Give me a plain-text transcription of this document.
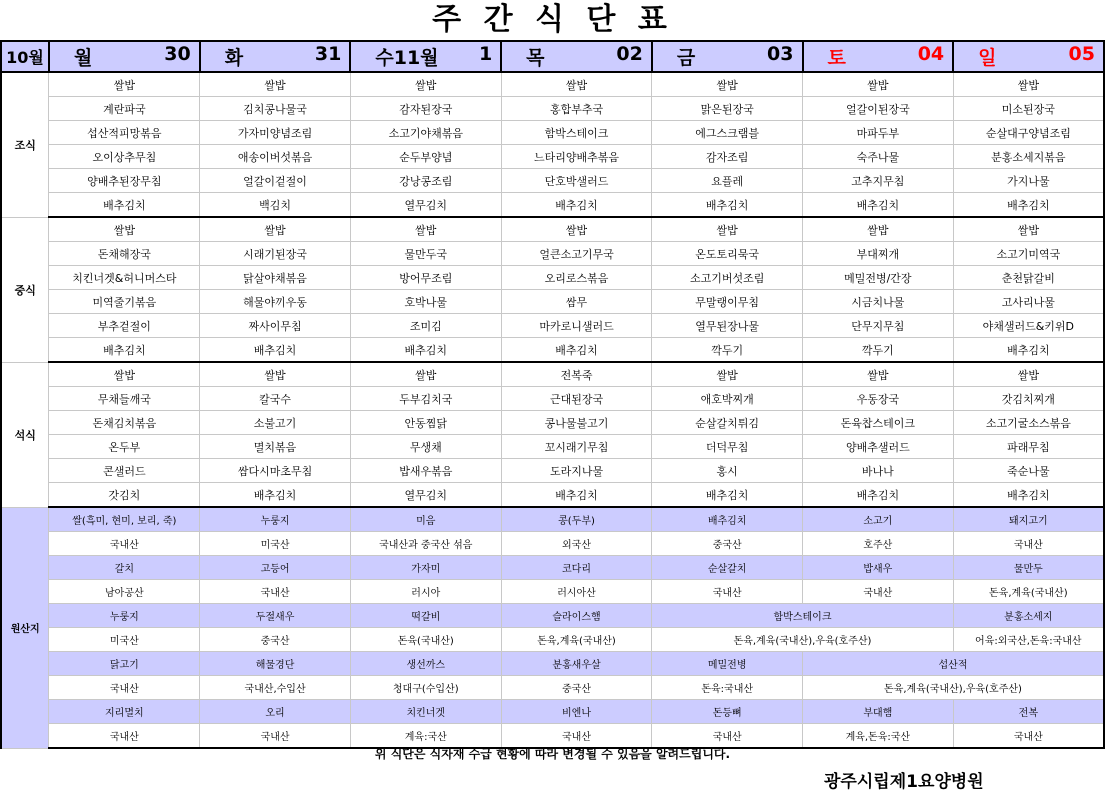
주 간 식 단 표
10월	월 30	화 31	수11월 1	목 02	금 03	토 04	일 05

조식	쌀밥	쌀밥	쌀밥	쌀밥	쌀밥	쌀밥	쌀밥
	계란파국	김치콩나물국	감자된장국	홍합부추국	맑은된장국	얼갈이된장국	미소된장국
	섭산적피망볶음	가자미양념조림	소고기야채볶음	함박스테이크	에그스크램블	마파두부	순살대구양념조림
	오이상추무침	애송이버섯볶음	순두부양념	느타리양배추볶음	감자조림	숙주나물	분홍소세지볶음
	양배추된장무침	얼갈이겉절이	강낭콩조림	단호박샐러드	요플레	고추지무침	가지나물
	배추김치	백김치	열무김치	배추김치	배추김치	배추김치	배추김치
중식	쌀밥	쌀밥	쌀밥	쌀밥	쌀밥	쌀밥	쌀밥
	돈채해장국	시래기된장국	물만두국	얼큰소고기무국	온도토리묵국	부대찌개	소고기미역국
	치킨너겟&허니머스타	닭살야채볶음	방어무조림	오리로스볶음	소고기버섯조림	메밀전병/간장	춘천닭갈비
	미역줄기볶음	해물야끼우동	호박나물	쌈무	무말랭이무침	시금치나물	고사리나물
	부추겉절이	짜사이무침	조미김	마카로니샐러드	열무된장나물	단무지무침	야채샐러드&키위D
	배추김치	배추김치	배추김치	배추김치	깍두기	깍두기	배추김치
석식	쌀밥	쌀밥	쌀밥	전복죽	쌀밥	쌀밥	쌀밥
	무채들깨국	칼국수	두부김치국	근대된장국	애호박찌개	우동장국	갓김치찌개
	돈채김치볶음	소불고기	안동찜닭	콩나물불고기	순살갈치튀김	돈육찹스테이크	소고기굴소스볶음
	온두부	멸치볶음	무생채	꼬시래기무침	더덕무침	양배추샐러드	파래무침
	콘샐러드	쌈다시마초무침	밥새우볶음	도라지나물	홍시	바나나	죽순나물
	갓김치	배추김치	열무김치	배추김치	배추김치	배추김치	배추김치
원산지	쌀(흑미, 현미, 보리, 죽)	누룽지	미음	콩(두부)	배추김치	소고기	돼지고기
	국내산	미국산	국내산과 중국산 섞음	외국산	중국산	호주산	국내산
	갈치	고등어	가자미	코다리	순살갈치	밥새우	물만두
	남아공산	국내산	러시아	러시아산	국내산	국내산	돈육,계육(국내산)
	누룽지	두절새우	떡갈비	슬라이스햄	함박스테이크		분홍소세지
	미국산	중국산	돈육(국내산)	돈육,계육(국내산)	돈육,계육(국내산),우육(호주산)		어육:외국산,돈육:국내산
	닭고기	해물경단	생선까스	분홍새우살	메밀전병	섭산적	
	국내산	국내산,수입산	청대구(수입산)	중국산	돈육:국내산	돈육,계육(국내산),우육(호주산)	
	지리멸치	오리	치킨너겟	비엔나	돈등뼈	부대햄	전복
	국내산	국내산	계육:국산	국내산	국내산	계육,돈육:국산	국내산
위 식단은 식자재 수급 현황에 따라 변경될 수 있음을 알려드립니다.
광주시립제1요양병원
